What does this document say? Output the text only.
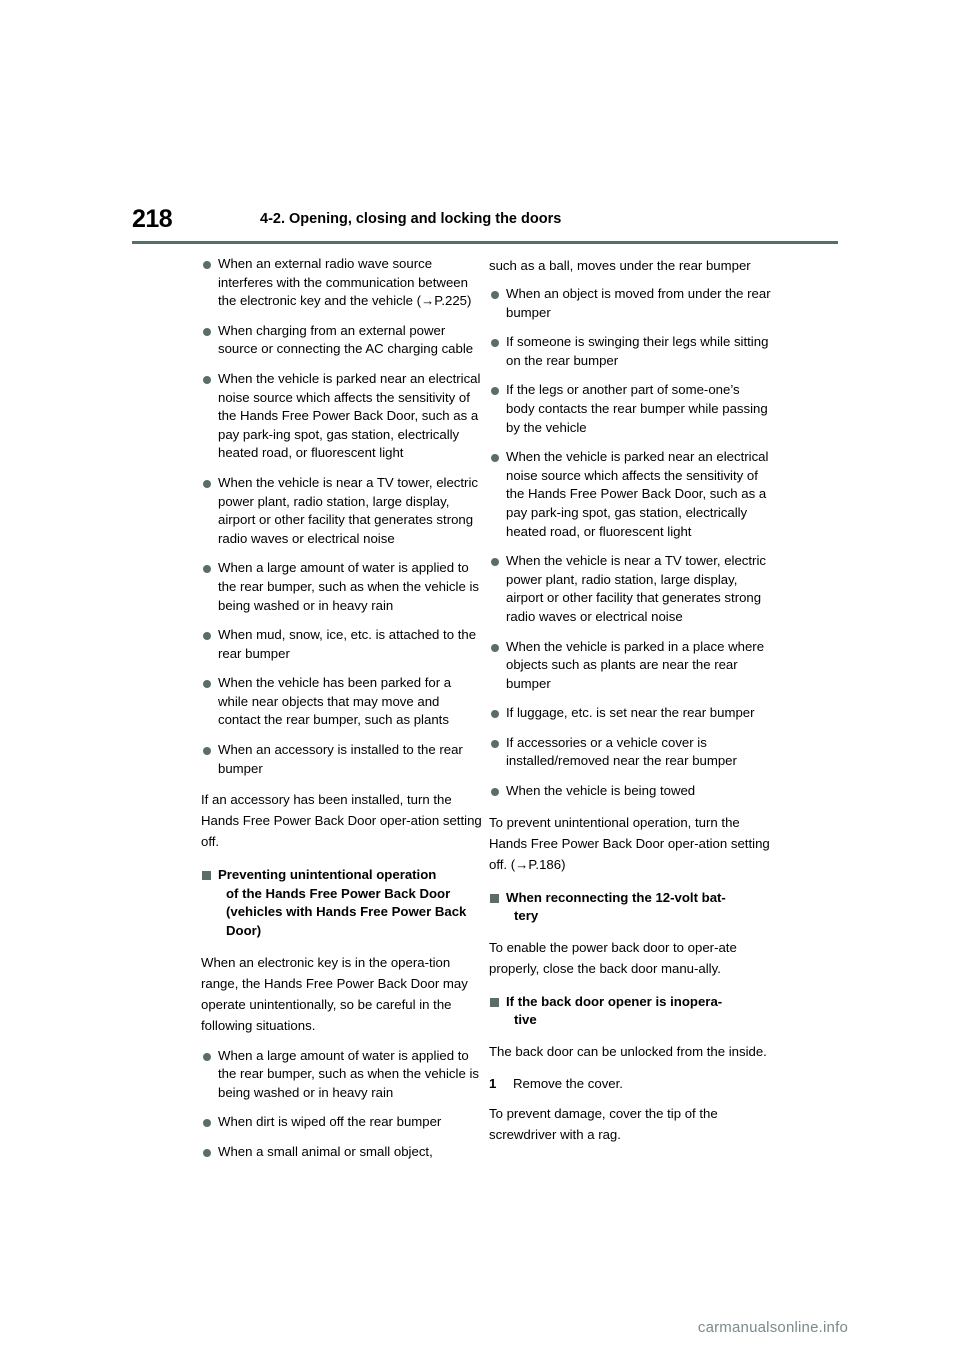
218	4-2. Opening, closing and locking the doors
When an external radio wave source interferes with the communication between the electronic key and the vehicle (→P.225)
When charging from an external power source or connecting the AC charging cable
When the vehicle is parked near an electrical noise source which affects the sensitivity of the Hands Free Power Back Door, such as a pay park-ing spot, gas station, electrically heated road, or fluorescent light
When the vehicle is near a TV tower, electric power plant, radio station, large display, airport or other facility that generates strong radio waves or electrical noise
When a large amount of water is applied to the rear bumper, such as when the vehicle is being washed or in heavy rain
When mud, snow, ice, etc. is attached to the rear bumper
When the vehicle has been parked for a while near objects that may move and contact the rear bumper, such as plants
When an accessory is installed to the rear bumper
If an accessory has been installed, turn the Hands Free Power Back Door oper-ation setting off.
Preventing unintentional operation
of the Hands Free Power Back Door (vehicles with Hands Free Power Back Door)
When an electronic key is in the opera-tion range, the Hands Free Power Back Door may operate unintentionally, so be careful in the following situations.
When a large amount of water is applied to the rear bumper, such as when the vehicle is being washed or in heavy rain
When dirt is wiped off the rear bumper
When a small animal or small object,
such as a ball, moves under the rear bumper
When an object is moved from under the rear bumper
If someone is swinging their legs while sitting on the rear bumper
If the legs or another part of some-one’s body contacts the rear bumper while passing by the vehicle
When the vehicle is parked near an electrical noise source which affects the sensitivity of the Hands Free Power Back Door, such as a pay park-ing spot, gas station, electrically heated road, or fluorescent light
When the vehicle is near a TV tower, electric power plant, radio station, large display, airport or other facility that generates strong radio waves or electrical noise
When the vehicle is parked in a place where objects such as plants are near the rear bumper
If luggage, etc. is set near the rear bumper
If accessories or a vehicle cover is installed/removed near the rear bumper
When the vehicle is being towed
To prevent unintentional operation, turn the Hands Free Power Back Door oper-ation setting off. (→P.186)
When reconnecting the 12-volt bat-
tery
To enable the power back door to oper-ate properly, close the back door manu-ally.
If the back door opener is inopera-
tive
The back door can be unlocked from the inside.
1 Remove the cover.
To prevent damage, cover the tip of the screwdriver with a rag.
carmanualsonline.info
